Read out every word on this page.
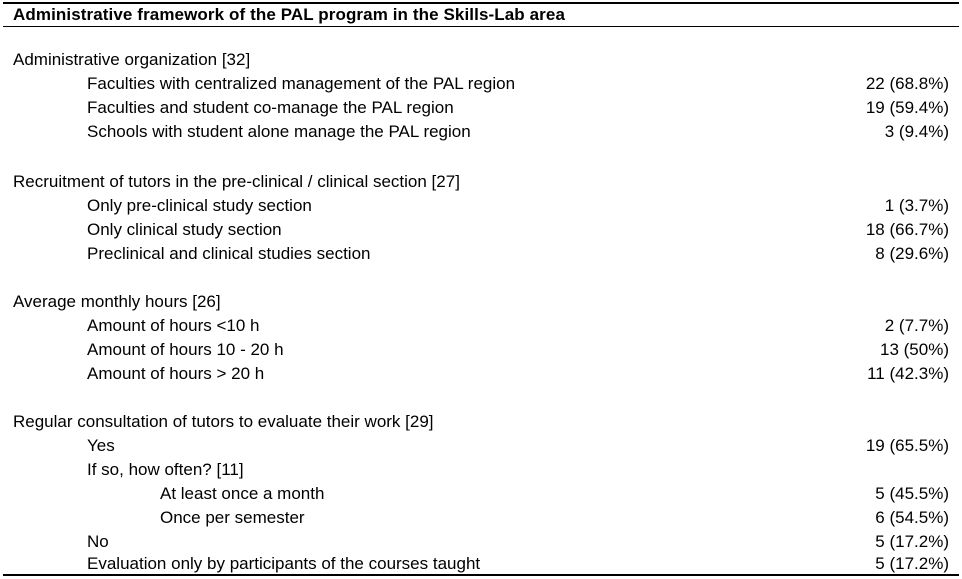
Administrative framework of the PAL program in the Skills-Lab area
Administrative organization [32]
Faculties with centralized management of the PAL region	22 (68.8%)
Faculties and student co-manage the PAL region	19 (59.4%)
Schools with student alone manage the PAL region	3 (9.4%)
Recruitment of tutors in the pre-clinical / clinical section [27]
Only pre-clinical study section	1 (3.7%)
Only clinical study section	18 (66.7%)
Preclinical and clinical studies section	8 (29.6%)
Average monthly hours [26]
Amount of hours <10 h	2 (7.7%)
Amount of hours 10 - 20 h	13 (50%)
Amount of hours > 20 h	11 (42.3%)
Regular consultation of tutors to evaluate their work [29]
Yes	19 (65.5%)
If so, how often? [11]
At least once a month	5 (45.5%)
Once per semester	6 (54.5%)
No	5 (17.2%)
Evaluation only by participants of the courses taught	5 (17.2%)
